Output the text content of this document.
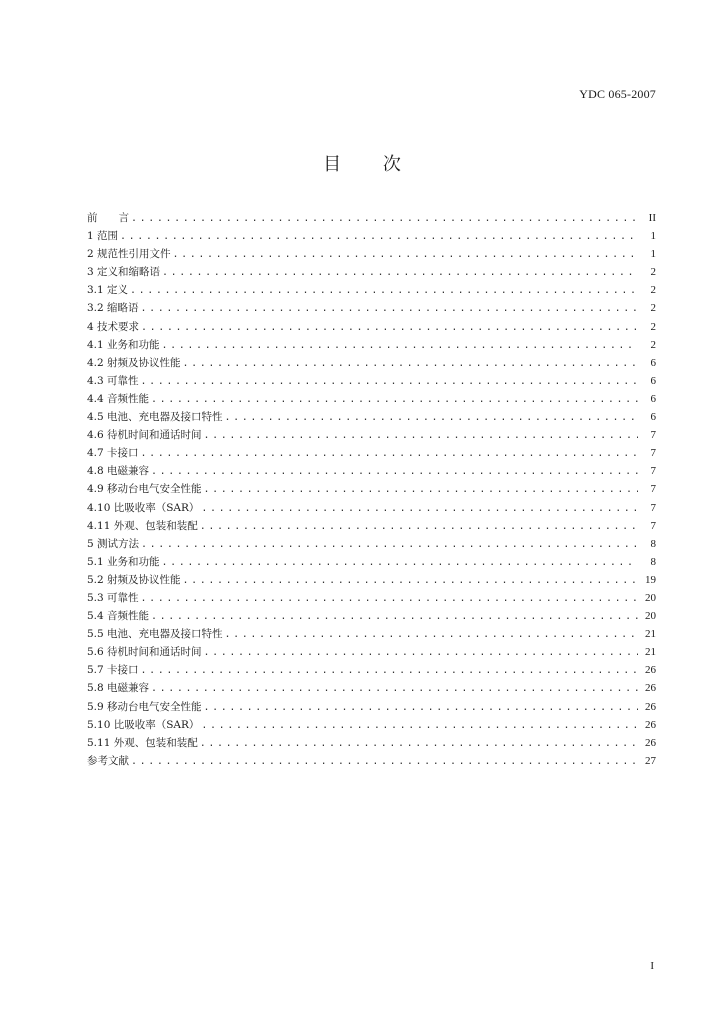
YDC 065-2007
目 次
前　　言 .....	II
1 范围 .....	1
2 规范性引用文件 .....	1
3 定义和缩略语 .....	2
3.1 定义 .....	2
3.2 缩略语 .....	2
4 技术要求 .....	2
4.1 业务和功能 .....	2
4.2 射频及协议性能 .....	6
4.3 可靠性 .....	6
4.4 音频性能 .....	6
4.5 电池、充电器及接口特性 .....	6
4.6 待机时间和通话时间 .....	7
4.7 卡接口 .....	7
4.8 电磁兼容 .....	7
4.9 移动台电气安全性能 .....	7
4.10 比吸收率（SAR） .....	7
4.11 外观、包装和装配 .....	7
5 测试方法 .....	8
5.1 业务和功能 .....	8
5.2 射频及协议性能 .....	19
5.3 可靠性 .....	20
5.4 音频性能 .....	20
5.5 电池、充电器及接口特性 .....	21
5.6 待机时间和通话时间 .....	21
5.7 卡接口 .....	26
5.8 电磁兼容 .....	26
5.9 移动台电气安全性能 .....	26
5.10 比吸收率（SAR） .....	26
5.11 外观、包装和装配 .....	26
参考文献 .....	27
I
